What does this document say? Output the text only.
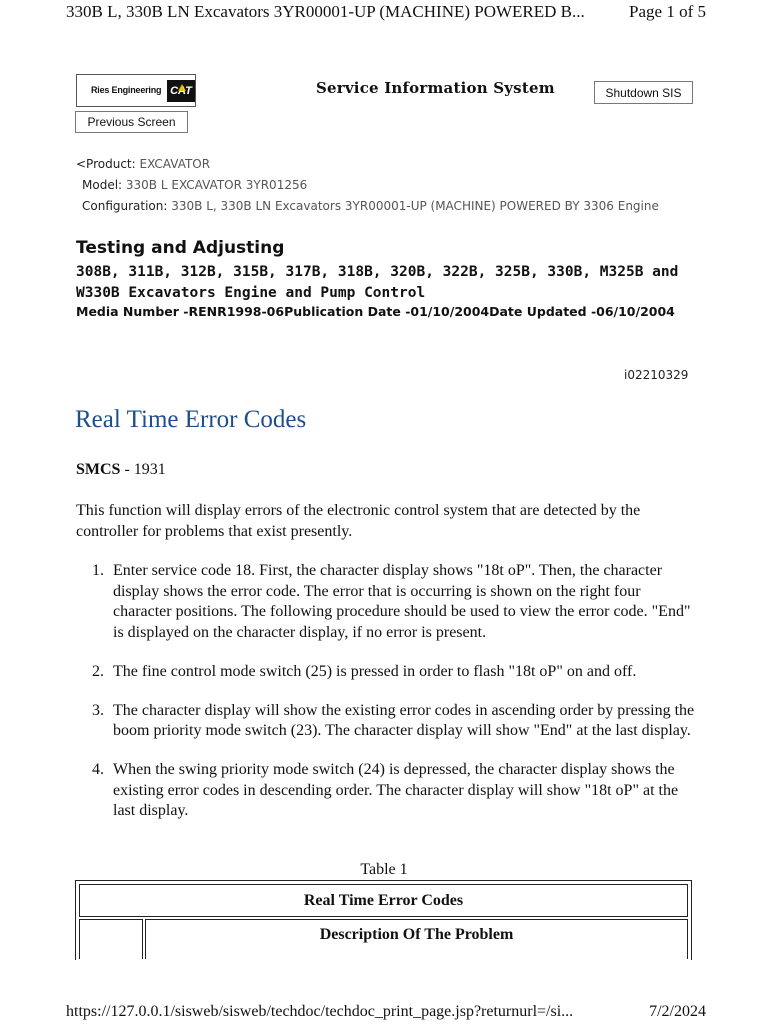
330B L, 330B LN Excavators 3YR00001-UP (MACHINE) POWERED B...	Page 1 of 5
Ries Engineering CAT	Service Information System	Shutdown SIS
Previous Screen
<Product: EXCAVATOR
Model: 330B L EXCAVATOR 3YR01256
Configuration: 330B L, 330B LN Excavators 3YR00001-UP (MACHINE) POWERED BY 3306 Engine
Testing and Adjusting
308B, 311B, 312B, 315B, 317B, 318B, 320B, 322B, 325B, 330B, M325B and W330B Excavators Engine and Pump Control
Media Number -RENR1998-06Publication Date -01/10/2004Date Updated -06/10/2004
i02210329
Real Time Error Codes
SMCS - 1931

This function will display errors of the electronic control system that are detected by the controller for problems that exist presently.

1. Enter service code 18. First, the character display shows "18t oP". Then, the character display shows the error code. The error that is occurring is shown on the right four character positions. The following procedure should be used to view the error code. "End" is displayed on the character display, if no error is present.
2. The fine control mode switch (25) is pressed in order to flash "18t oP" on and off.
3. The character display will show the existing error codes in ascending order by pressing the boom priority mode switch (23). The character display will show "End" at the last display.
4. When the swing priority mode switch (24) is depressed, the character display shows the existing error codes in descending order. The character display will show "18t oP" at the last display.
Table 1
Real Time Error Codes
Description Of The Problem
https://127.0.0.1/sisweb/sisweb/techdoc/techdoc_print_page.jsp?returnurl=/si...	7/2/2024
